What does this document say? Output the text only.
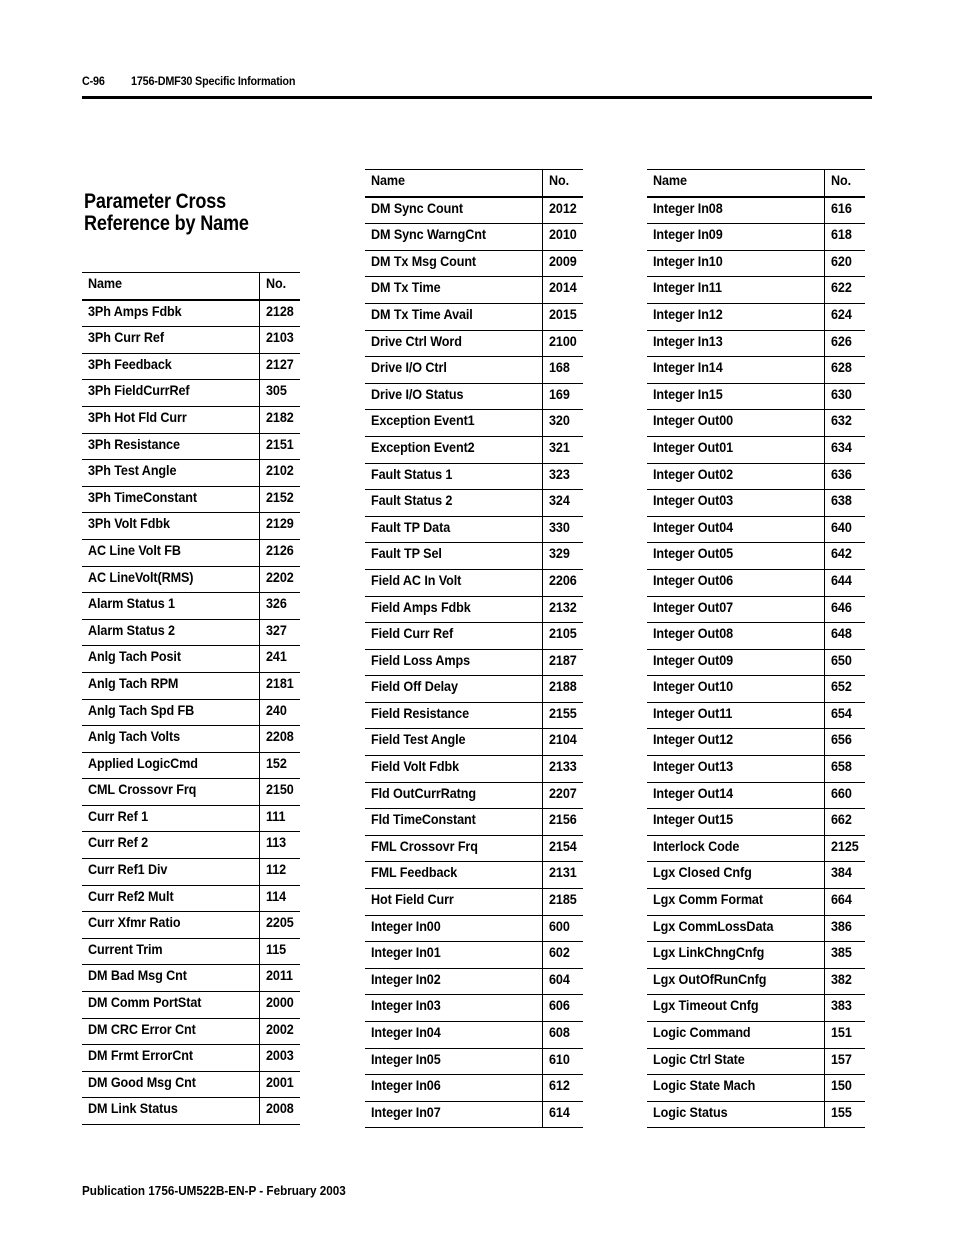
C-96 1756-DMF30 Specific Information
Parameter Cross Reference by Name
Name	No.
3Ph Amps Fdbk	2128
3Ph Curr Ref	2103
3Ph Feedback	2127
3Ph FieldCurrRef	305
3Ph Hot Fld Curr	2182
3Ph Resistance	2151
3Ph Test Angle	2102
3Ph TimeConstant	2152
3Ph Volt Fdbk	2129
AC Line Volt FB	2126
AC LineVolt(RMS)	2202
Alarm Status 1	326
Alarm Status 2	327
Anlg Tach Posit	241
Anlg Tach RPM	2181
Anlg Tach Spd FB	240
Anlg Tach Volts	2208
Applied LogicCmd	152
CML Crossovr Frq	2150
Curr Ref 1	111
Curr Ref 2	113
Curr Ref1 Div	112
Curr Ref2 Mult	114
Curr Xfmr Ratio	2205
Current Trim	115
DM Bad Msg Cnt	2011
DM Comm PortStat	2000
DM CRC Error Cnt	2002
DM Frmt ErrorCnt	2003
DM Good Msg Cnt	2001
DM Link Status	2008
Name	No.
DM Sync Count	2012
DM Sync WarngCnt	2010
DM Tx Msg Count	2009
DM Tx Time	2014
DM Tx Time Avail	2015
Drive Ctrl Word	2100
Drive I/O Ctrl	168
Drive I/O Status	169
Exception Event1	320
Exception Event2	321
Fault Status 1	323
Fault Status 2	324
Fault TP Data	330
Fault TP Sel	329
Field AC In Volt	2206
Field Amps Fdbk	2132
Field Curr Ref	2105
Field Loss Amps	2187
Field Off Delay	2188
Field Resistance	2155
Field Test Angle	2104
Field Volt Fdbk	2133
Fld OutCurrRatng	2207
Fld TimeConstant	2156
FML Crossovr Frq	2154
FML Feedback	2131
Hot Field Curr	2185
Integer In00	600
Integer In01	602
Integer In02	604
Integer In03	606
Integer In04	608
Integer In05	610
Integer In06	612
Integer In07	614
Name	No.
Integer In08	616
Integer In09	618
Integer In10	620
Integer In11	622
Integer In12	624
Integer In13	626
Integer In14	628
Integer In15	630
Integer Out00	632
Integer Out01	634
Integer Out02	636
Integer Out03	638
Integer Out04	640
Integer Out05	642
Integer Out06	644
Integer Out07	646
Integer Out08	648
Integer Out09	650
Integer Out10	652
Integer Out11	654
Integer Out12	656
Integer Out13	658
Integer Out14	660
Integer Out15	662
Interlock Code	2125
Lgx Closed Cnfg	384
Lgx Comm Format	664
Lgx CommLossData	386
Lgx LinkChngCnfg	385
Lgx OutOfRunCnfg	382
Lgx Timeout Cnfg	383
Logic Command	151
Logic Ctrl State	157
Logic State Mach	150
Logic Status	155
Publication 1756-UM522B-EN-P - February 2003
